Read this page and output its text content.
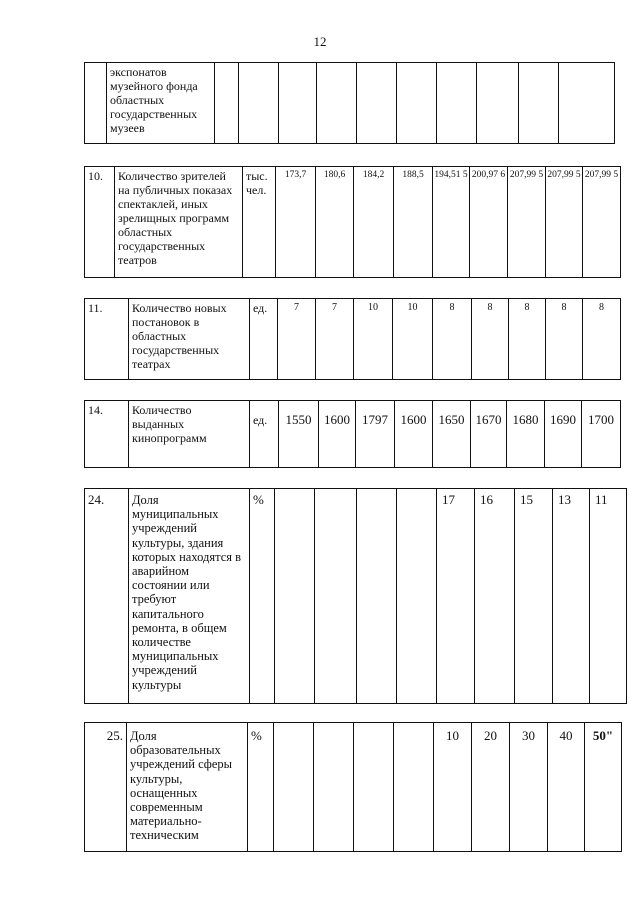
12
	экспонатов музейного фонда областных государственных музеев										
10.	Количество зрителей на публичных показах спектаклей, иных зрелищных программ областных государственных театров	тыс. чел.	173,7	180,6	184,2	188,5	194,51 5	200,97 6	207,99 5	207,99 5	207,99 5
11.	Количество новых постановок в областных государственных театрах	ед.	7	7	10	10	8	8	8	8	8
14.	Количество выданных кинопрограмм	ед.	1550	1600	1797	1600	1650	1670	1680	1690	1700
24.	Доля муниципальных учреждений культуры, здания которых находятся в аварийном состоянии или требуют капитального ремонта, в общем количестве муниципальных учреждений культуры	%					17	16	15	13	11
25.	Доля образовательных учреждений сферы культуры, оснащенных современным материально-техническим	%					10	20	30	40	50"
